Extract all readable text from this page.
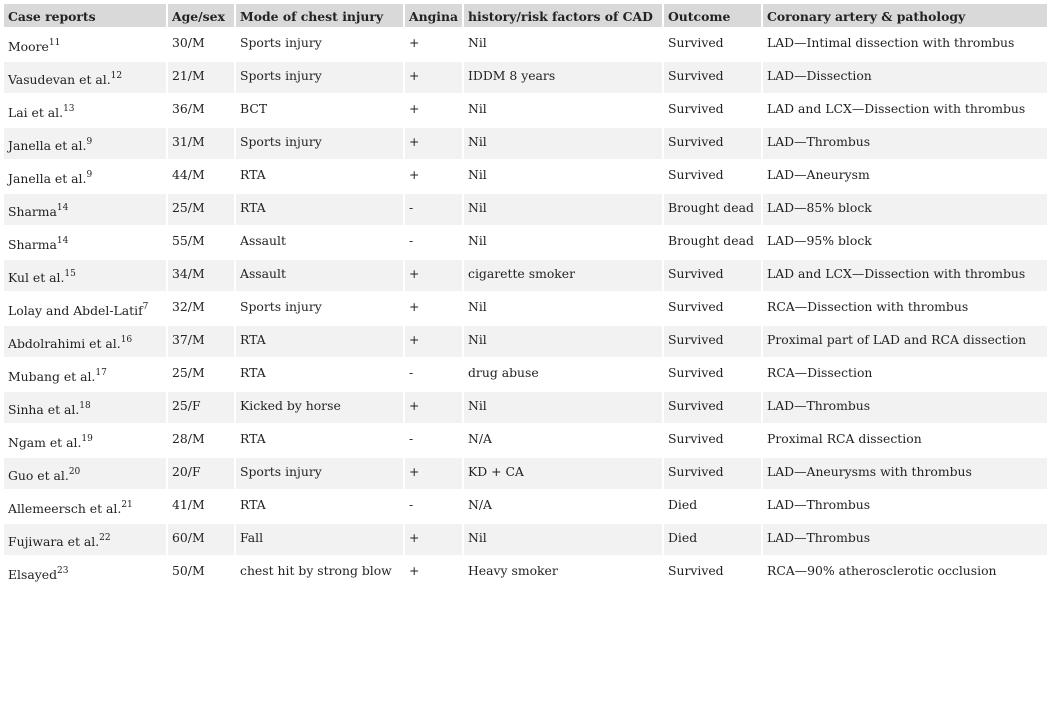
Case reports	Age/sex	Mode of chest injury	Angina	history/risk factors of CAD	Outcome	Coronary artery & pathology
Moore$^{11}$	30/M	Sports injury	+	Nil	Survived	LAD—Intimal dissection with thrombus
Vasudevan et al.$^{12}$	21/M	Sports injury	+	IDDM 8 years	Survived	LAD—Dissection
Lai et al.$^{13}$	36/M	BCT	+	Nil	Survived	LAD and LCX—Dissection with thrombus
Janella et al.$^9$	31/M	Sports injury	+	Nil	Survived	LAD—Thrombus
Janella et al.$^9$	44/M	RTA	+	Nil	Survived	LAD—Aneurysm
Sharma$^{14}$	25/M	RTA	-	Nil	Brought dead	LAD—85% block
Sharma$^{14}$	55/M	Assault	-	Nil	Brought dead	LAD—95% block
Kul et al.$^{15}$	34/M	Assault	+	cigarette smoker	Survived	LAD and LCX—Dissection with thrombus
Lolay and Abdel-Latif$^7$	32/M	Sports injury	+	Nil	Survived	RCA—Dissection with thrombus
Abdolrahimi et al.$^{16}$	37/M	RTA	+	Nil	Survived	Proximal part of LAD and RCA dissection
Mubang et al.$^{17}$	25/M	RTA	-	drug abuse	Survived	RCA—Dissection
Sinha et al.$^{18}$	25/F	Kicked by horse	+	Nil	Survived	LAD—Thrombus
Ngam et al.$^{19}$	28/M	RTA	-	N/A	Survived	Proximal RCA dissection
Guo et al.$^{20}$	20/F	Sports injury	+	KD + CA	Survived	LAD—Aneurysms with thrombus
Allemeersch et al.$^{21}$	41/M	RTA	-	N/A	Died	LAD—Thrombus
Fujiwara et al.$^{22}$	60/M	Fall	+	Nil	Died	LAD—Thrombus
Elsayed$^{23}$	50/M	chest hit by strong blow	+	Heavy smoker	Survived	RCA—90% atherosclerotic occlusion
